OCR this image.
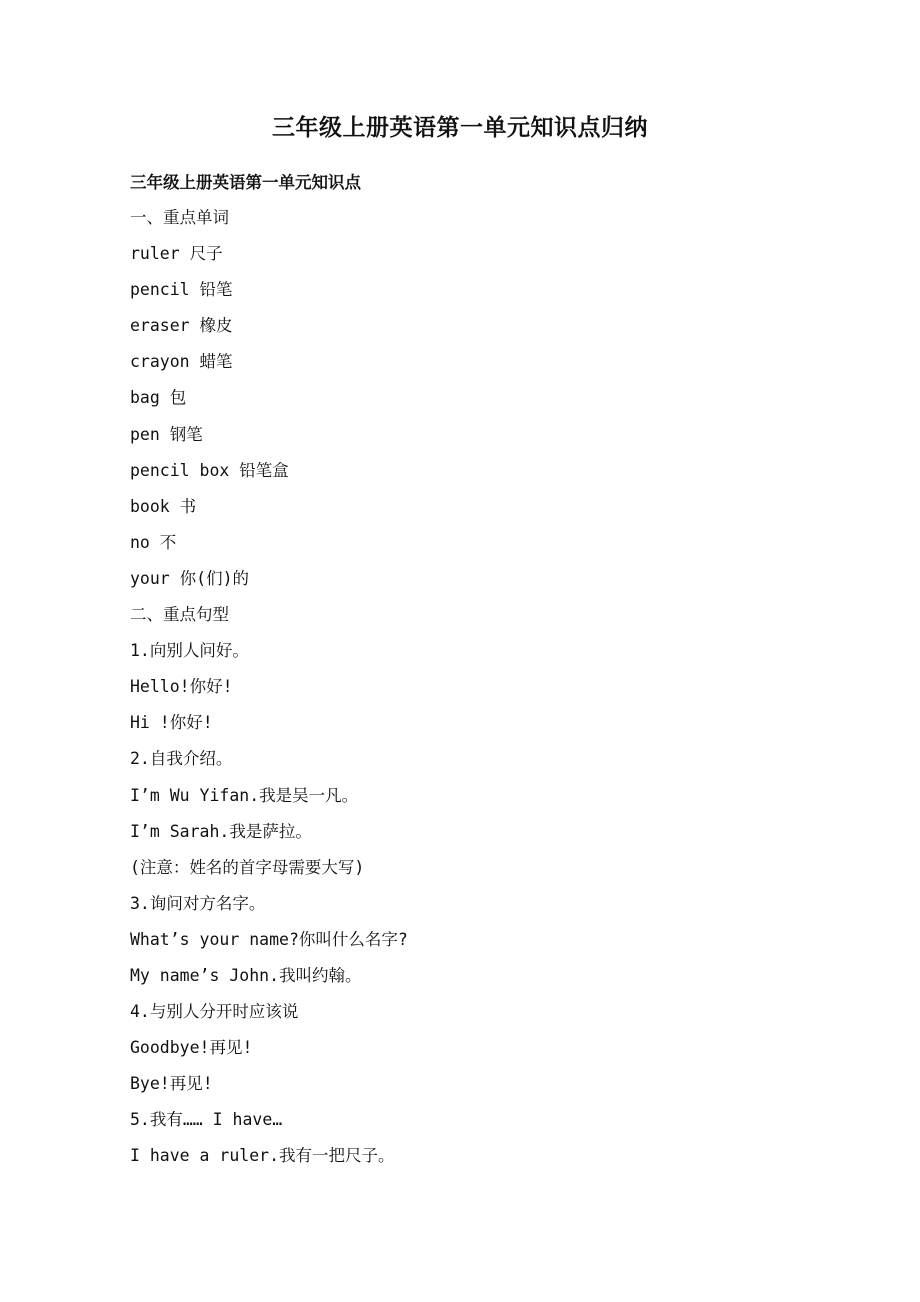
三年级上册英语第一单元知识点归纳
三年级上册英语第一单元知识点
一、重点单词
ruler 尺子
pencil 铅笔
eraser 橡皮
crayon 蜡笔
bag 包
pen 钢笔
pencil box 铅笔盒
book 书
no 不
your 你(们)的
二、重点句型
1.向别人问好。
Hello!你好!
Hi !你好!
2.自我介绍。
I’m Wu Yifan.我是吴一凡。
I’m Sarah.我是萨拉。
(注意：姓名的首字母需要大写)
3.询问对方名字。
What’s your name?你叫什么名字?
My name’s John.我叫约翰。
4.与别人分开时应该说
Goodbye!再见!
Bye!再见!
5.我有…… I have…
I have a ruler.我有一把尺子。
